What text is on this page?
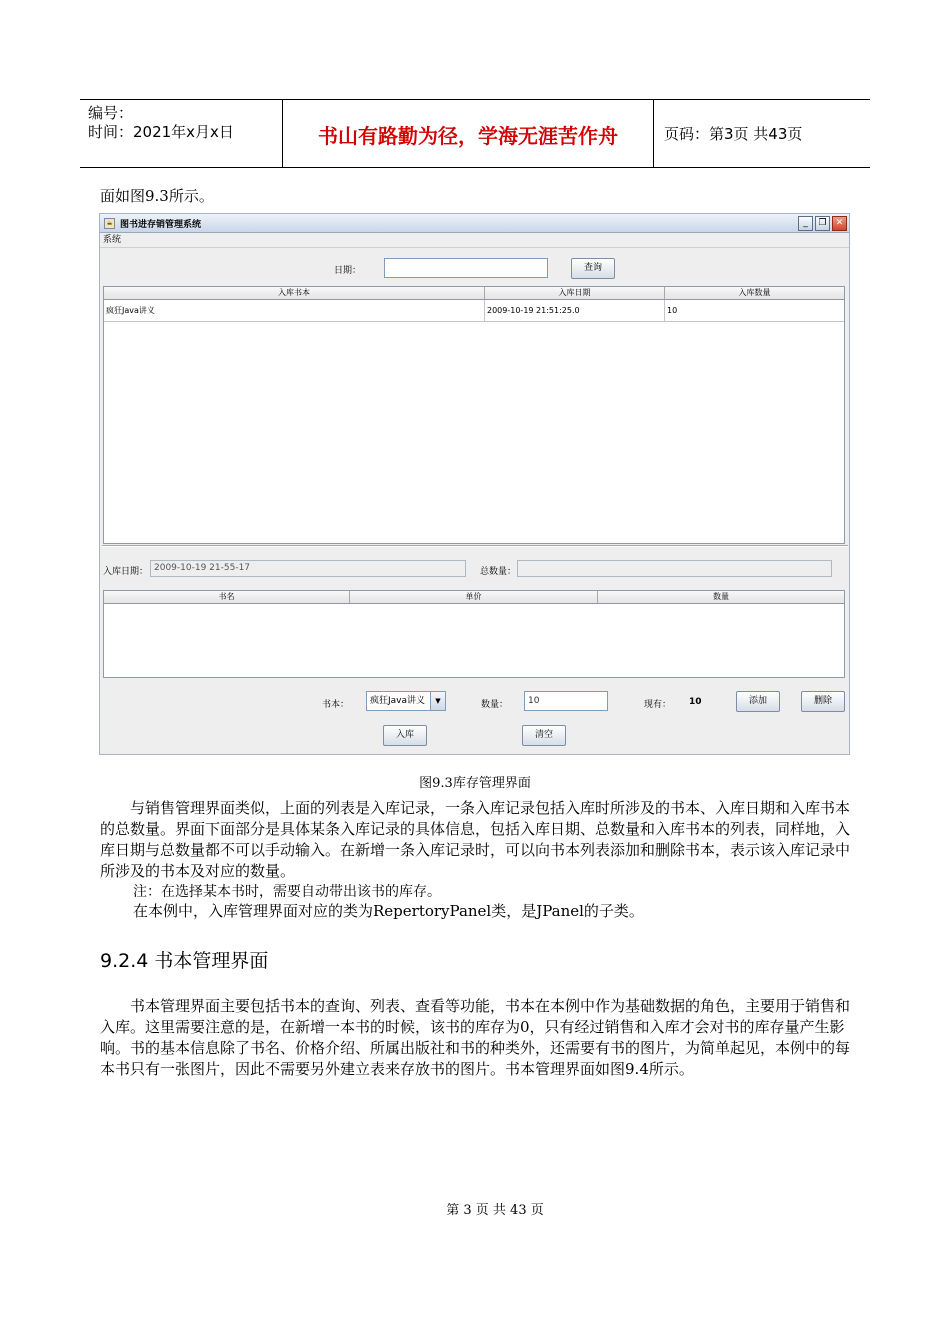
编号：
时间：2021年x月x日	书山有路勤为径，学海无涯苦作舟	页码：第3页 共43页
面如图9.3所示。
☕ 图书进存销管理系统	_	❐	✕
系统
日期：	查询
入库书本	入库日期	入库数量
疯狂Java讲义	2009-10-19 21:51:25.0	10
入库日期： 2009-10-19 21-55-17	总数量：
书名	单价	数量
书本：	疯狂Java讲义	▼	数量：	10	现有： 10	添加	删除
入库	清空
图9.3库存管理界面
与销售管理界面类似，上面的列表是入库记录，一条入库记录包括入库时所涉及的书本、入库日期和入库书本的总数量。界面下面部分是具体某条入库记录的具体信息，包括入库日期、总数量和入库书本的列表，同样地，入库日期与总数量都不可以手动输入。在新增一条入库记录时，可以向书本列表添加和删除书本，表示该入库记录中所涉及的书本及对应的数量。
注：在选择某本书时，需要自动带出该书的库存。
在本例中，入库管理界面对应的类为RepertoryPanel类，是JPanel的子类。
9.2.4 书本管理界面
书本管理界面主要包括书本的查询、列表、查看等功能，书本在本例中作为基础数据的角色，主要用于销售和入库。这里需要注意的是，在新增一本书的时候，该书的库存为0，只有经过销售和入库才会对书的库存量产生影响。书的基本信息除了书名、价格介绍、所属出版社和书的种类外，还需要有书的图片，为简单起见，本例中的每本书只有一张图片，因此不需要另外建立表来存放书的图片。书本管理界面如图9.4所示。
第 3 页 共 43 页
